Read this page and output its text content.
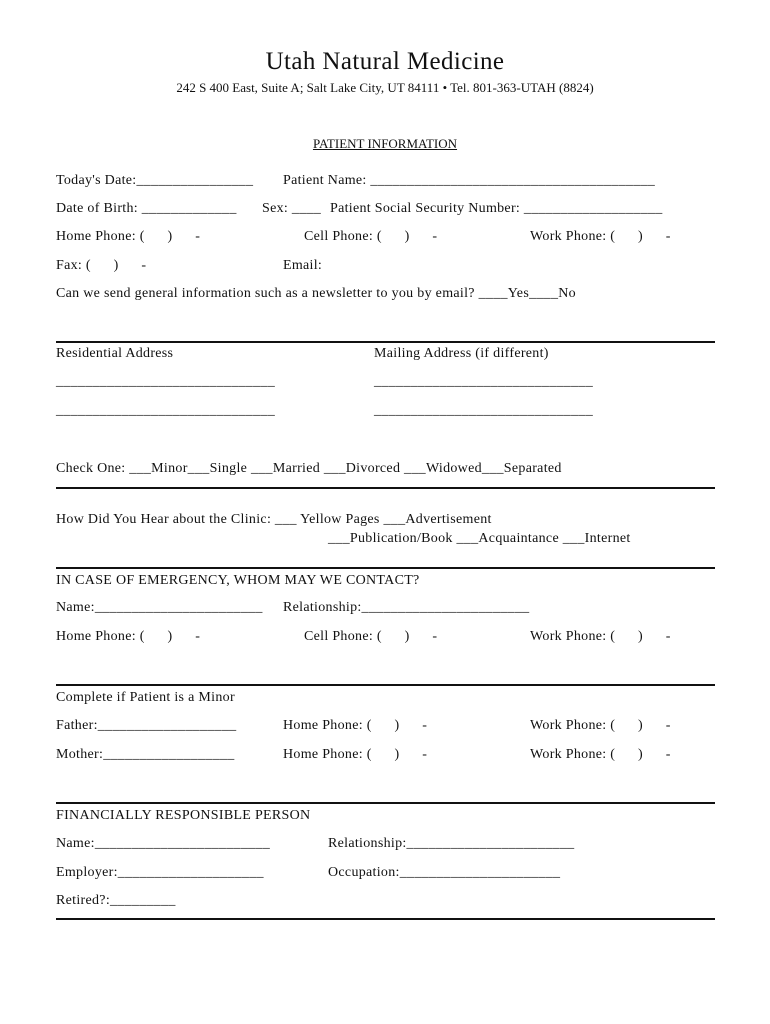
Utah Natural Medicine
242 S 400 East, Suite A; Salt Lake City, UT 84111 • Tel. 801-363-UTAH (8824)
PATIENT INFORMATION
Today's Date:________________ Patient Name: _______________________________________
Date of Birth: _____________ Sex: ____ Patient Social Security Number: ___________________
Home Phone: (      )      -	Cell Phone: (      )      -	Work Phone: (      )      -
Fax: (      )      -	Email:
Can we send general information such as a newsletter to you by email? ____Yes____No
Residential Address	Mailing Address (if different)
______________________________	______________________________
______________________________	______________________________
Check One: ___Minor___Single ___Married ___Divorced ___Widowed___Separated
How Did You Hear about the Clinic: ___ Yellow Pages ___Advertisement
___Publication/Book ___Acquaintance ___Internet
IN CASE OF EMERGENCY, WHOM MAY WE CONTACT?
Name:_______________________ Relationship:_______________________
Home Phone: (      )      -	Cell Phone: (      )      -	Work Phone: (      )      -
Complete if Patient is a Minor
Father:___________________	Home Phone: (      )      -	Work Phone: (      )      -
Mother:__________________	Home Phone: (      )      -	Work Phone: (      )      -
FINANCIALLY RESPONSIBLE PERSON
Name:________________________	Relationship:_______________________
Employer:____________________	Occupation:______________________
Retired?:_________
